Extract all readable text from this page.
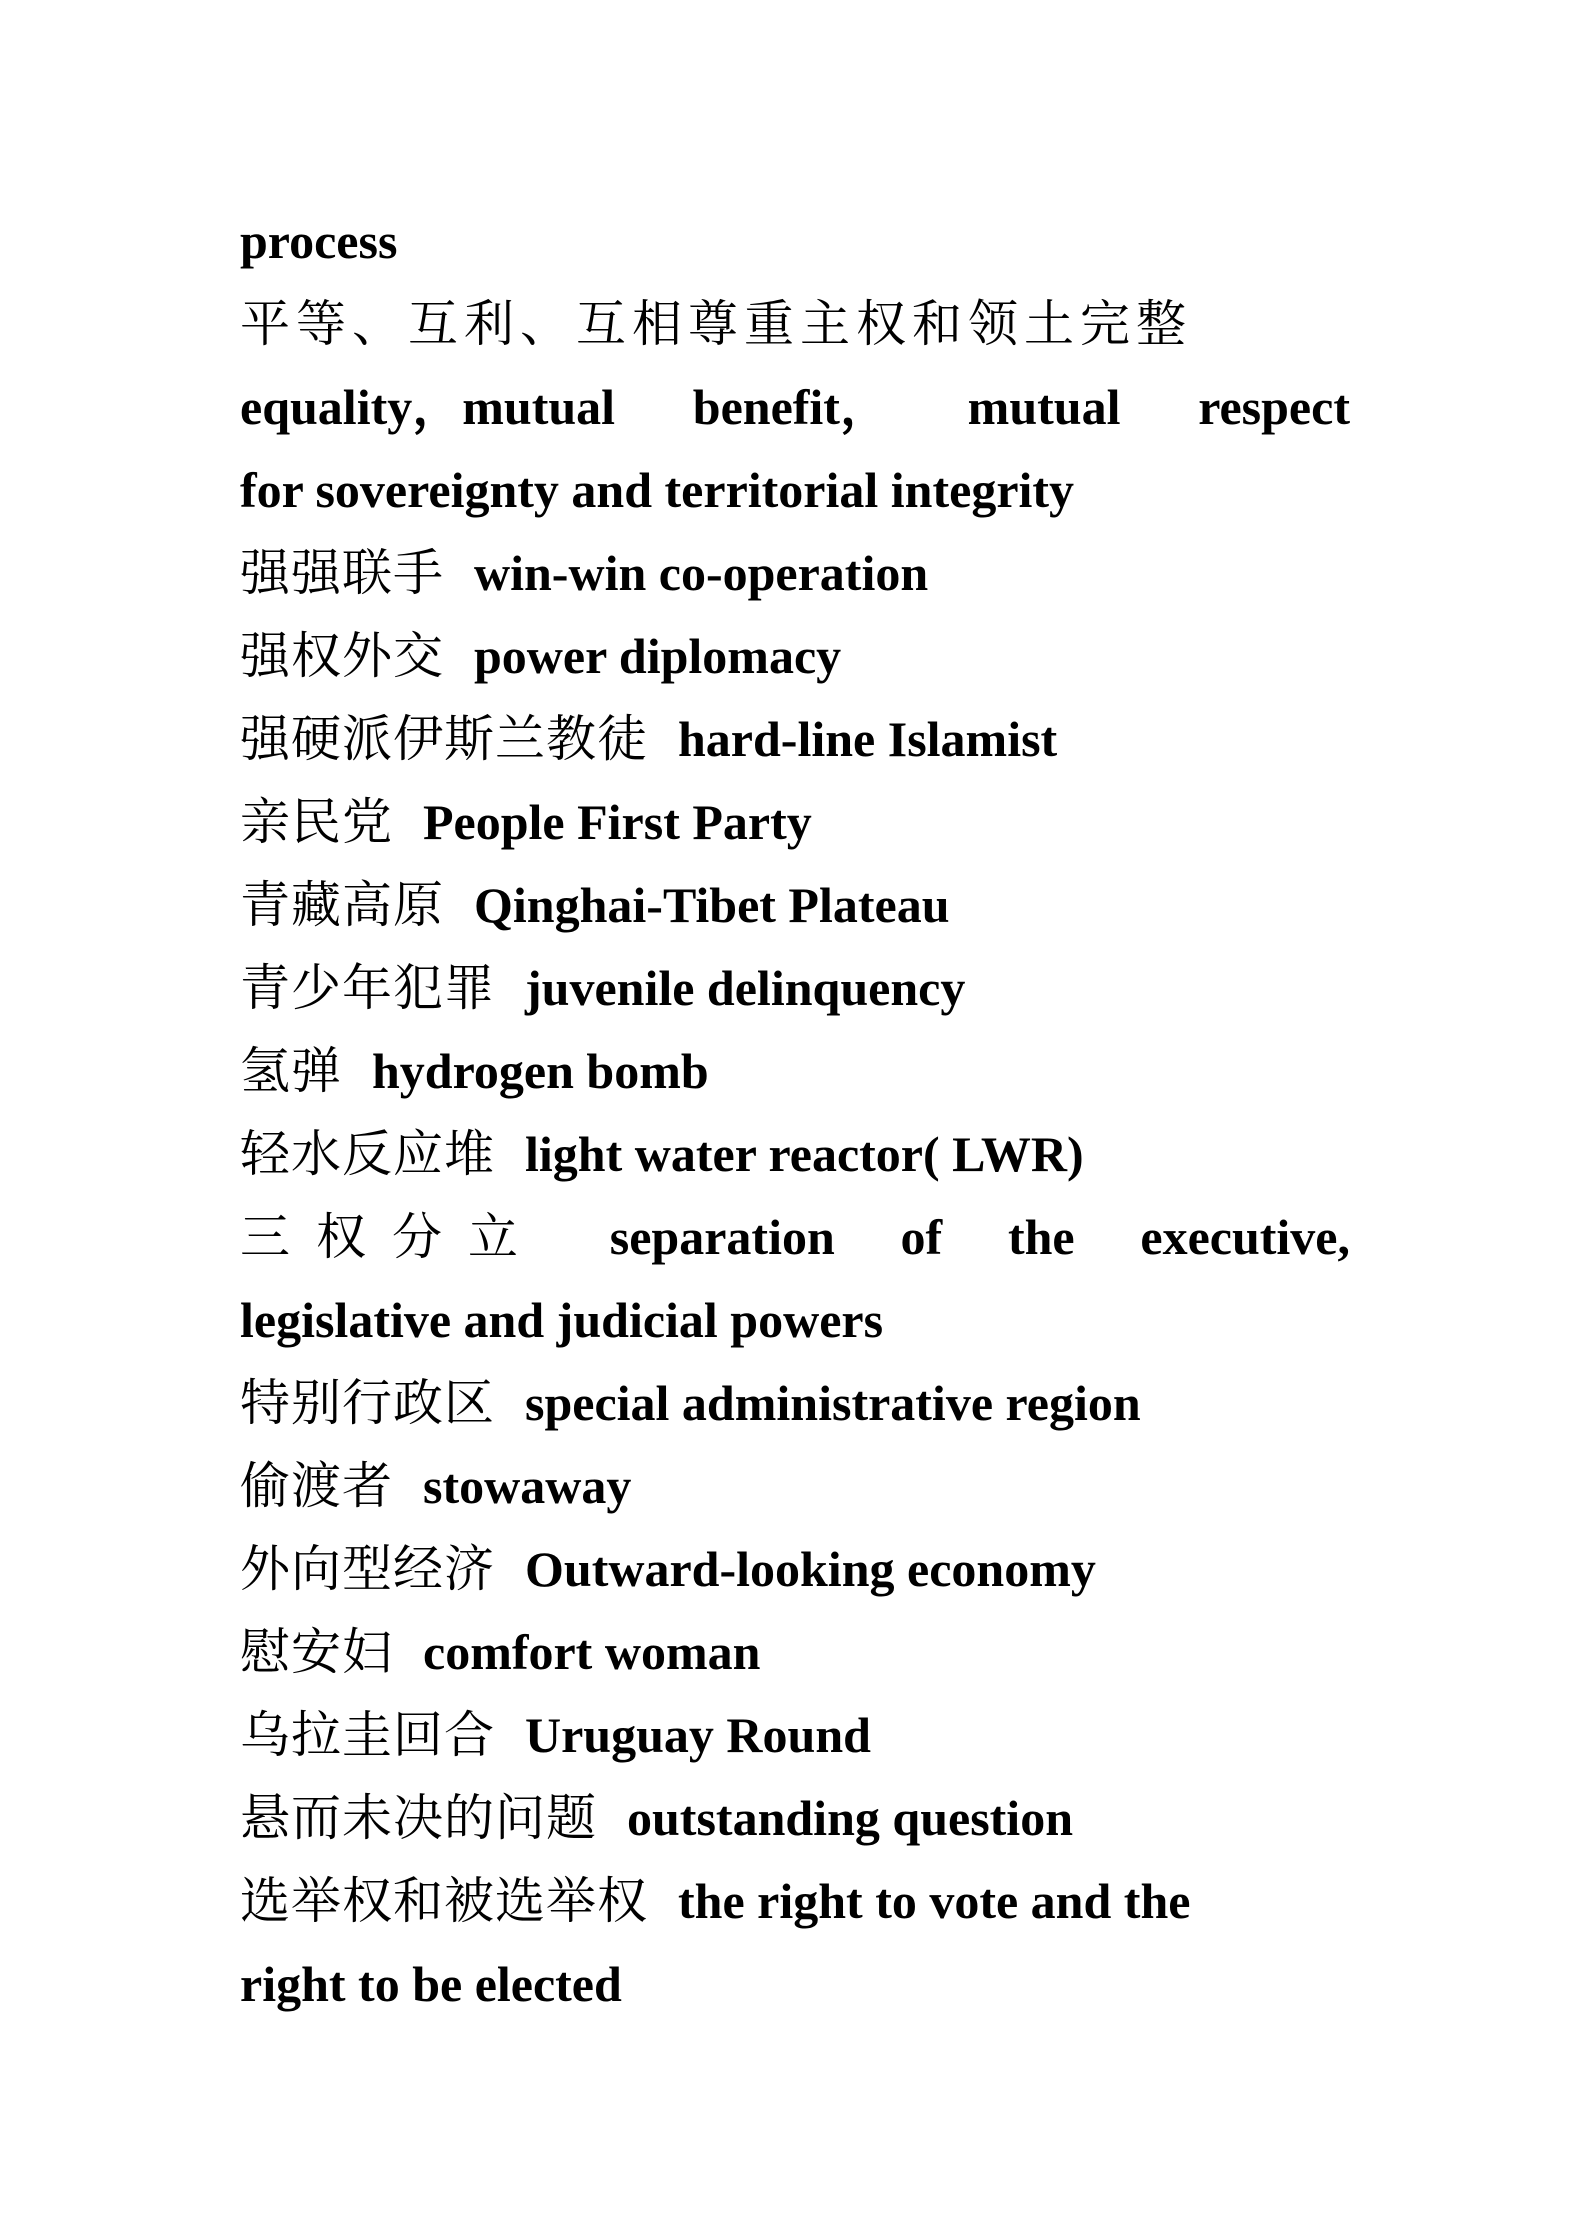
process
平等、互利、互相尊重主权和领土完整
equality，mutual benefit， mutual respect
for sovereignty and territorial integrity
强强联手 win-win co-operation
强权外交 power diplomacy
强硬派伊斯兰教徒 hard-line Islamist
亲民党 People First Party
青藏高原 Qinghai-Tibet Plateau
青少年犯罪 juvenile delinquency
氢弹 hydrogen bomb
轻水反应堆 light water reactor( LWR)
三权分立 separation of the executive,
legislative and judicial powers
特别行政区 special administrative region
偷渡者 stowaway
外向型经济 Outward-looking economy
慰安妇 comfort woman
乌拉圭回合 Uruguay Round
悬而未决的问题 outstanding question
选举权和被选举权 the right to vote and the
right to be elected
